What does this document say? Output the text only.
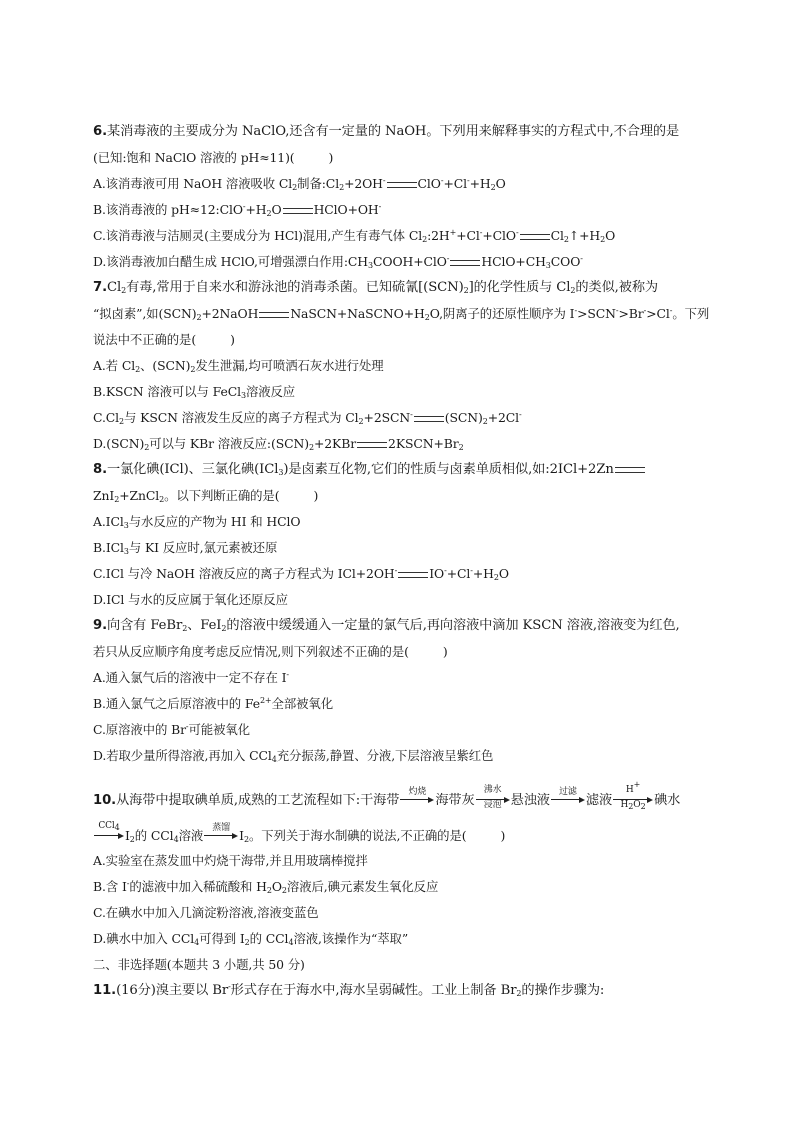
6.某消毒液的主要成分为 NaClO,还含有一定量的 NaOH。下列用来解释事实的方程式中,不合理的是
(已知:饱和 NaClO 溶液的 pH≈11)(	)
A.该消毒液可用 NaOH 溶液吸收 $Cl_2$制备$:Cl_2+2OH^-$	$ClO^-+Cl^-+H_2O$
B.该消毒液的 $pH\approx 12:ClO^-+H_2O$	HClO+OH-
C.该消毒液与洁厕灵(主要成分为 HCl)混用,产生有毒气体 $Cl_2:2H^++Cl^-+ClO^-$	$Cl_2↑+H_2O$
D.该消毒液加白醋生成 HClO,可增强漂白作用$:CH_3COOH+ClO^-$	$HClO+CH_3COO^-$
$7.Cl_2$有毒,常用于自来水和游泳池的消毒杀菌。已知硫氰$[(SCN)_2]$的化学性质与 $Cl_2$的类似,被称为
“拟卤素”,如$(SCN)_2+2NaOH$	$NaSCN+NaSCNO+H_2O$,阴离子的还原性顺序为 I->SCN->Br->Cl-。下列
说法中不正确的是(	)
A.若 $Cl_2$、$(SCN)_2$发生泄漏,均可喷洒石灰水进行处理
B.KSCN 溶液可以与 FeCl$_3$溶液反应
$C.Cl_2$与 KSCN 溶液发生反应的离子方程式为 $Cl_2+2SCN^-$	$(SCN)_2+2Cl^-$
$D.(SCN)_2$可以与 KBr 溶液反应$:(SCN)_2+2KBr$	$2KSCN+Br_2$
8.一氯化碘(ICl)、三氯化碘(ICl$_3$)是卤素互化物,它们的性质与卤素单质相似,如:2ICl+2Zn
ZnI$_2$+ZnCl$_2$。以下判断正确的是(	)
A.ICl$_3$与水反应的产物为 HI 和 HClO
B.ICl$_3$与 KI 反应时,氯元素被还原
C.ICl 与冷 NaOH 溶液反应的离子方程式为 ICl+2OH-	$IO^-+Cl^-+H_2O$
D.ICl 与水的反应属于氧化还原反应
9.向含有 FeBr$_2$、FeI$_2$的溶液中缓缓通入一定量的氯气后,再向溶液中滴加 KSCN 溶液,溶液变为红色,
若只从反应顺序角度考虑反应情况,则下列叙述不正确的是(	)
A.通入氯气后的溶液中一定不存在 I-
B.通入氯气之后原溶液中的 $Fe^{2+}$全部被氧化
C.原溶液中的 Br-可能被氧化
D.若取少量所得溶液,再加入 CCl$_4$充分振荡,静置、分液,下层溶液呈紫红色
10.从海带中提取碘单质,成熟的工艺流程如下:干海带
灼烧
海带灰
沸水
浸泡 悬浊液
过滤
滤液 $\frac{H^+}{H_2O_2}$ 碘水
CCl$_4$
$I_2$的 CCl$_4$溶液	蒸馏 $I_2$。下列关于海水制碘的说法,不正确的是(	)
A.实验室在蒸发皿中灼烧干海带,并且用玻璃棒搅拌
B.含 I-的滤液中加入稀硫酸和 $H_2O_2$溶液后,碘元素发生氧化反应
C.在碘水中加入几滴淀粉溶液,溶液变蓝色
D.碘水中加入 CCl$_4$可得到 $I_2$的 CCl$_4$溶液,该操作为“萃取”
二、非选择题(本题共 3 小题,共 50 分)
11.(16分)溴主要以 Br-形式存在于海水中,海水呈弱碱性。工业上制备 $Br_2$的操作步骤为:
